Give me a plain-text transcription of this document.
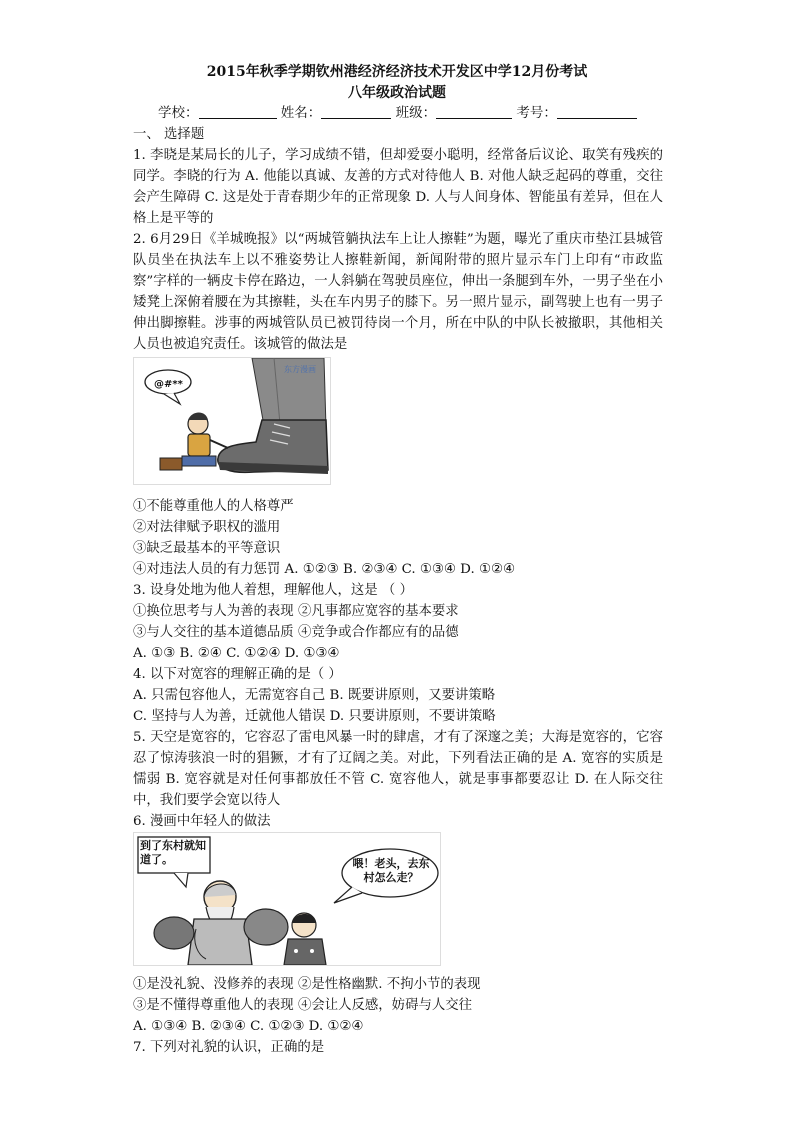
2015年秋季学期钦州港经济经济技术开发区中学12月份考试
八年级政治试题
学校：	姓名：	班级：	考号：

一、 选择题

1. 李晓是某局长的儿子，学习成绩不错，但却爱耍小聪明，经常备后议论、取笑有残疾的同学。李晓的行为 A. 他能以真诚、友善的方式对待他人 B. 对他人缺乏起码的尊重，交往会产生障碍 C. 这是处于青春期少年的正常现象 D. 人与人间身体、智能虽有差异，但在人格上是平等的

2. 6月29日《羊城晚报》以“两城管躺执法车上让人擦鞋”为题，曝光了重庆市垫江县城管队员坐在执法车上以不雅姿势让人擦鞋新闻，新闻附带的照片显示车门上印有“市政监察”字样的一辆皮卡停在路边，一人斜躺在驾驶员座位，伸出一条腿到车外，一男子坐在小矮凳上深俯着腰在为其擦鞋，头在车内男子的膝下。另一照片显示，副驾驶上也有一男子伸出脚擦鞋。涉事的两城管队员已被罚待岗一个月，所在中队的中队长被撤职，其他相关人员也被追究责任。该城管的做法是

@#**
东方漫画

①不能尊重他人的人格尊严

②对法律赋予职权的滥用

③缺乏最基本的平等意识

④对违法人员的有力惩罚 A. ①②③ B. ②③④ C. ①③④ D. ①②④

3. 设身处地为他人着想，理解他人，这是 （ ）

①换位思考与人为善的表现 ②凡事都应宽容的基本要求

③与人交往的基本道德品质 ④竞争或合作都应有的品德

A. ①③ B. ②④ C. ①②④ D. ①③④

4. 以下对宽容的理解正确的是（ ）

A. 只需包容他人，无需宽容自己 B. 既要讲原则，又要讲策略

C. 坚持与人为善，迁就他人错误 D. 只要讲原则，不要讲策略

5. 天空是宽容的，它容忍了雷电风暴一时的肆虐，才有了深邃之美；大海是宽容的，它容忍了惊涛骇浪一时的猖獗，才有了辽阔之美。对此，下列看法正确的是 A. 宽容的实质是懦弱 B. 宽容就是对任何事都放任不管 C. 宽容他人，就是事事都要忍让 D. 在人际交往中，我们要学会宽以待人

6. 漫画中年轻人的做法

到了东村就知道了。	喂！老头，去东村怎么走？

①是没礼貌、没修养的表现 ②是性格幽默. 不拘小节的表现

③是不懂得尊重他人的表现 ④会让人反感，妨碍与人交往

A. ①③④ B. ②③④ C. ①②③ D. ①②④

7. 下列对礼貌的认识，正确的是
